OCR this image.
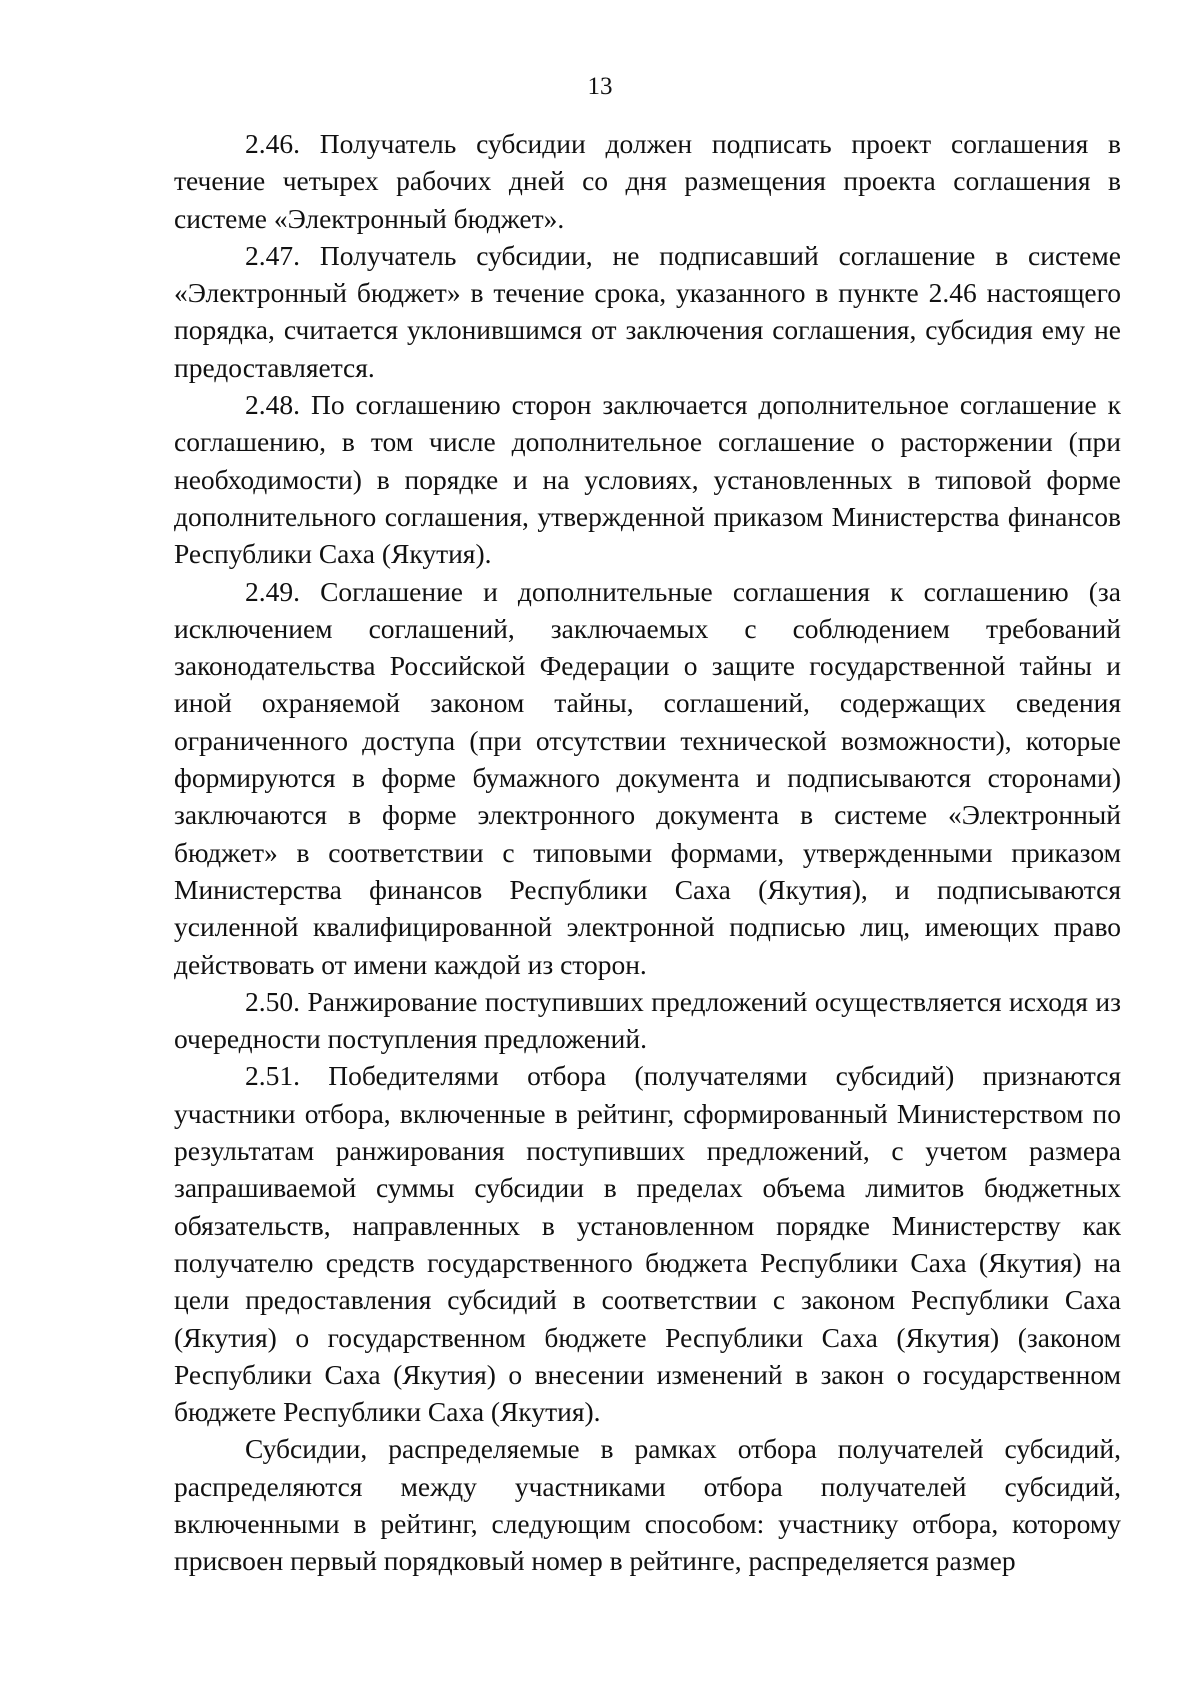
13

2.46. Получатель субсидии должен подписать проект соглашения в течение четырех рабочих дней со дня размещения проекта соглашения в системе «Электронный бюджет».

2.47. Получатель субсидии, не подписавший соглашение в системе «Электронный бюджет» в течение срока, указанного в пункте 2.46 настоящего порядка, считается уклонившимся от заключения соглашения, субсидия ему не предоставляется.

2.48. По соглашению сторон заключается дополнительное соглашение к соглашению, в том числе дополнительное соглашение о расторжении (при необходимости) в порядке и на условиях, установленных в типовой форме дополнительного соглашения, утвержденной приказом Министерства финансов Республики Саха (Якутия).

2.49. Соглашение и дополнительные соглашения к соглашению (за исключением соглашений, заключаемых с соблюдением требований законодательства Российской Федерации о защите государственной тайны и иной охраняемой законом тайны, соглашений, содержащих сведения ограниченного доступа (при отсутствии технической возможности), которые формируются в форме бумажного документа и подписываются сторонами) заключаются в форме электронного документа в системе «Электронный бюджет» в соответствии с типовыми формами, утвержденными приказом Министерства финансов Республики Саха (Якутия), и подписываются усиленной квалифицированной электронной подписью лиц, имеющих право действовать от имени каждой из сторон.

2.50. Ранжирование поступивших предложений осуществляется исходя из очередности поступления предложений.

2.51. Победителями отбора (получателями субсидий) признаются участники отбора, включенные в рейтинг, сформированный Министерством по результатам ранжирования поступивших предложений, с учетом размера запрашиваемой суммы субсидии в пределах объема лимитов бюджетных обязательств, направленных в установленном порядке Министерству как получателю средств государственного бюджета Республики Саха (Якутия) на цели предоставления субсидий в соответствии с законом Республики Саха (Якутия) о государственном бюджете Республики Саха (Якутия) (законом Республики Саха (Якутия) о внесении изменений в закон о государственном бюджете Республики Саха (Якутия).

Субсидии, распределяемые в рамках отбора получателей субсидий, распределяются между участниками отбора получателей субсидий, включенными в рейтинг, следующим способом: участнику отбора, которому присвоен первый порядковый номер в рейтинге, распределяется размер
